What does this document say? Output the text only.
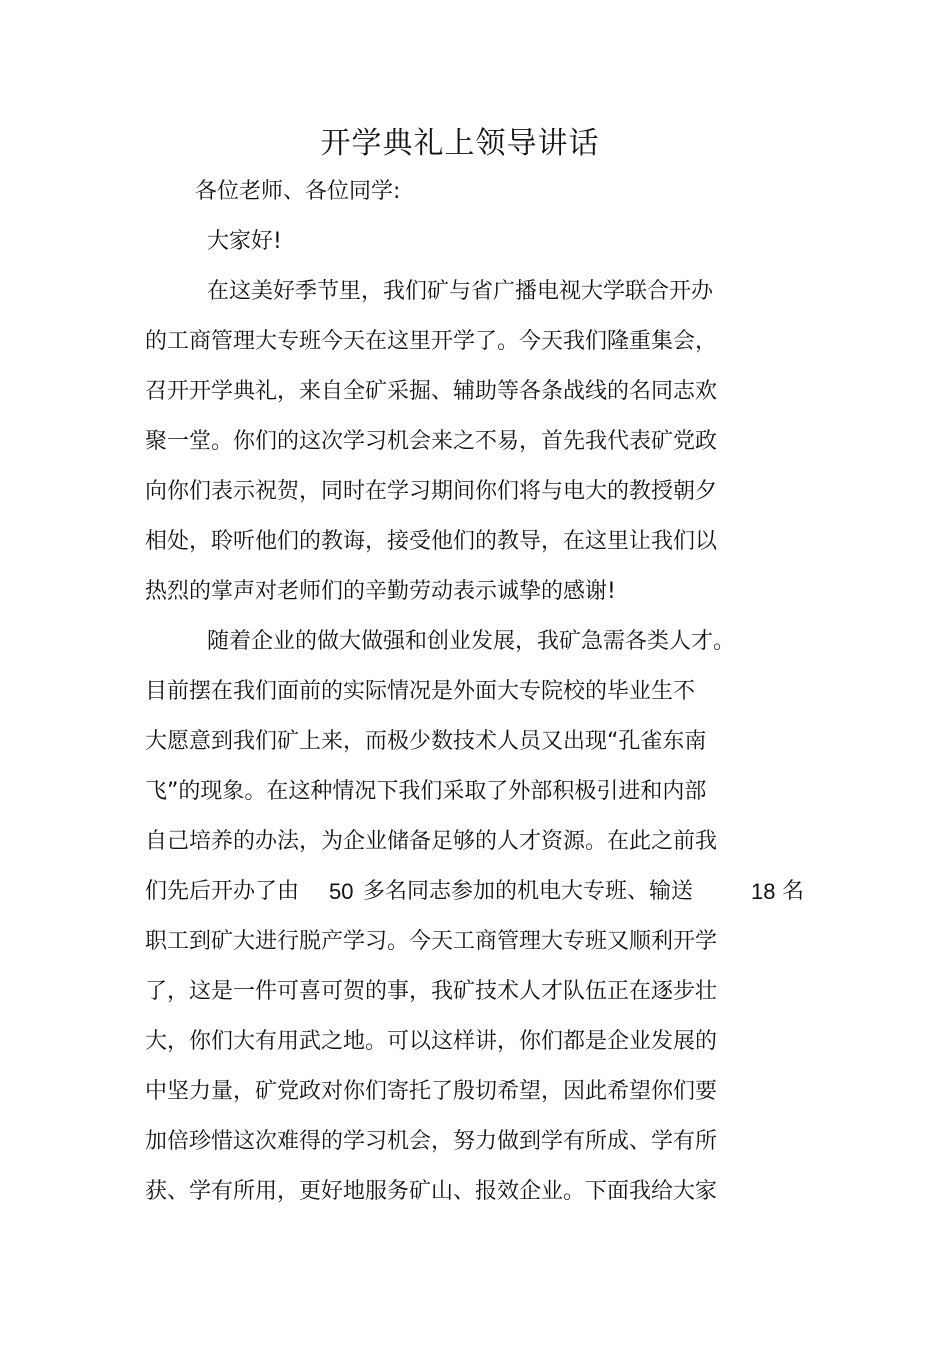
开学典礼上领导讲话
各位老师、各位同学:
大家好!
在这美好季节里，我们矿与省广播电视大学联合开办
的工商管理大专班今天在这里开学了。今天我们隆重集会，
召开开学典礼，来自全矿采掘、辅助等各条战线的名同志欢
聚一堂。你们的这次学习机会来之不易，首先我代表矿党政
向你们表示祝贺，同时在学习期间你们将与电大的教授朝夕
相处，聆听他们的教诲，接受他们的教导，在这里让我们以
热烈的掌声对老师们的辛勤劳动表示诚挚的感谢!
随着企业的做大做强和创业发展，我矿急需各类人才。
目前摆在我们面前的实际情况是外面大专院校的毕业生不
大愿意到我们矿上来，而极少数技术人员又出现“孔雀东南
飞”的现象。在这种情况下我们采取了外部积极引进和内部
自己培养的办法，为企业储备足够的人才资源。在此之前我
们先后开办了由 50 多名同志参加的机电大专班、输送	18 名
职工到矿大进行脱产学习。今天工商管理大专班又顺利开学
了，这是一件可喜可贺的事，我矿技术人才队伍正在逐步壮
大，你们大有用武之地。可以这样讲，你们都是企业发展的
中坚力量，矿党政对你们寄托了殷切希望，因此希望你们要
加倍珍惜这次难得的学习机会，努力做到学有所成、学有所
获、学有所用，更好地服务矿山、报效企业。下面我给大家
